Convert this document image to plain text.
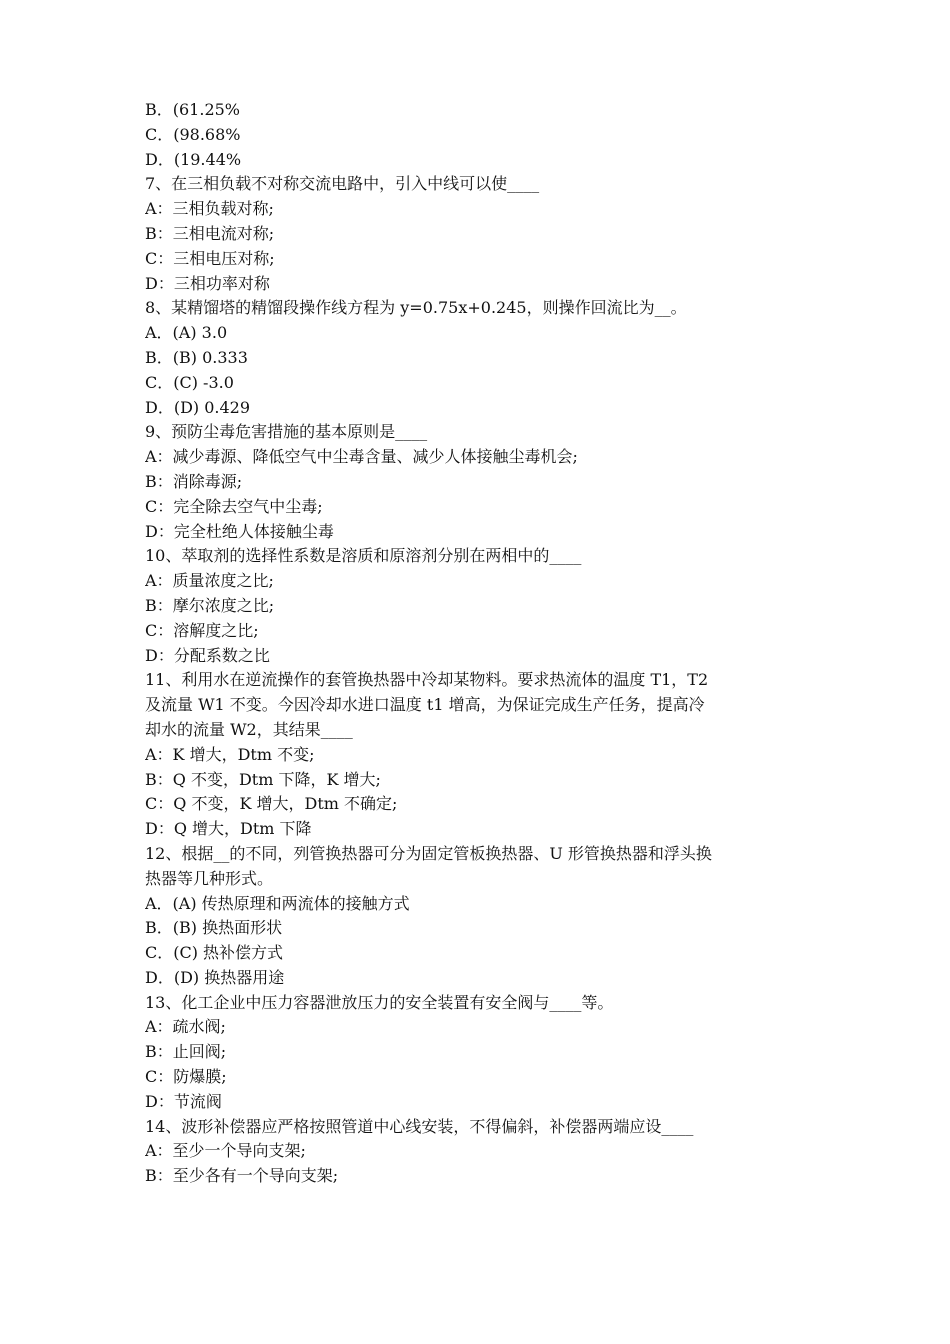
B．(61.25%
C．(98.68%
D．(19.44%
7、在三相负载不对称交流电路中，引入中线可以使____
A：三相负载对称;
B：三相电流对称;
C：三相电压对称;
D：三相功率对称
8、某精馏塔的精馏段操作线方程为 y=0.75x+0.245，则操作回流比为__。
A．(A) 3.0
B．(B) 0.333
C．(C) -3.0
D．(D) 0.429
9、预防尘毒危害措施的基本原则是____
A：减少毒源、降低空气中尘毒含量、减少人体接触尘毒机会;
B：消除毒源;
C：完全除去空气中尘毒;
D：完全杜绝人体接触尘毒
10、萃取剂的选择性系数是溶质和原溶剂分别在两相中的____
A：质量浓度之比;
B：摩尔浓度之比;
C：溶解度之比;
D：分配系数之比
11、利用水在逆流操作的套管换热器中冷却某物料。要求热流体的温度 T1，T2
及流量 W1 不变。今因冷却水进口温度 t1 增高，为保证完成生产任务，提高冷
却水的流量 W2，其结果____
A：K 增大，Dtm 不变;
B：Q 不变，Dtm 下降，K 增大;
C：Q 不变，K 增大，Dtm 不确定;
D：Q 增大，Dtm 下降
12、根据__的不同，列管换热器可分为固定管板换热器、U 形管换热器和浮头换
热器等几种形式。
A．(A) 传热原理和两流体的接触方式
B．(B) 换热面形状
C．(C) 热补偿方式
D．(D) 换热器用途
13、化工企业中压力容器泄放压力的安全装置有安全阀与____等。
A：疏水阀;
B：止回阀;
C：防爆膜;
D：节流阀
14、波形补偿器应严格按照管道中心线安装，不得偏斜，补偿器两端应设____
A：至少一个导向支架;
B：至少各有一个导向支架;
